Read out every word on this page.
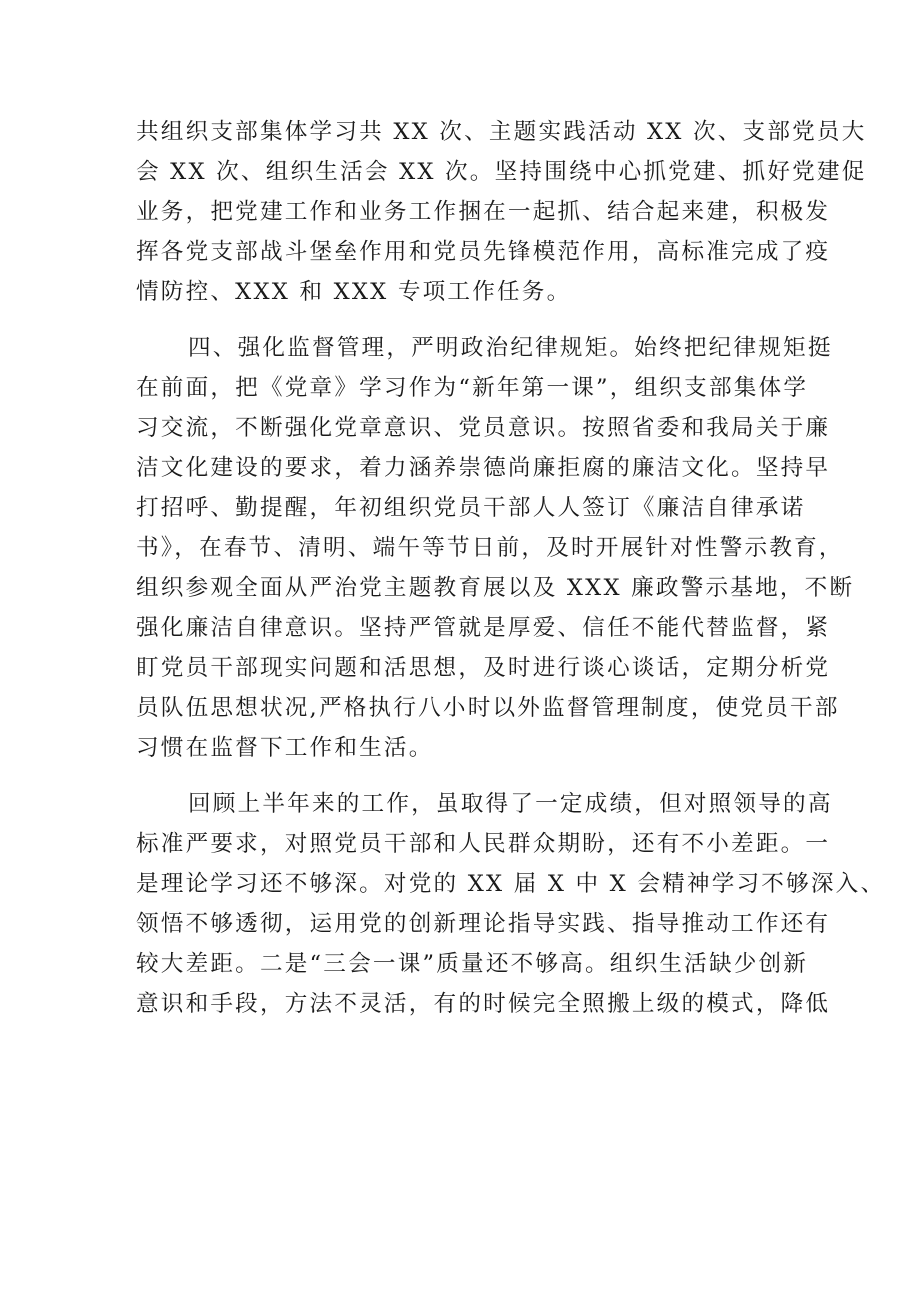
共组织支部集体学习共 XX 次、主题实践活动 XX 次、支部党员大
会 XX 次、组织生活会 XX 次。坚持围绕中心抓党建、抓好党建促
业务，把党建工作和业务工作捆在一起抓、结合起来建，积极发
挥各党支部战斗堡垒作用和党员先锋模范作用，高标准完成了疫
情防控、XXX 和 XXX 专项工作任务。
四、强化监督管理，严明政治纪律规矩。始终把纪律规矩挺
在前面，把《党章》学习作为“新年第一课”，组织支部集体学
习交流，不断强化党章意识、党员意识。按照省委和我局关于廉
洁文化建设的要求，着力涵养崇德尚廉拒腐的廉洁文化。坚持早
打招呼、勤提醒，年初组织党员干部人人签订《廉洁自律承诺
书》，在春节、清明、端午等节日前，及时开展针对性警示教育，
组织参观全面从严治党主题教育展以及 XXX 廉政警示基地，不断
强化廉洁自律意识。坚持严管就是厚爱、信任不能代替监督，紧
盯党员干部现实问题和活思想，及时进行谈心谈话，定期分析党
员队伍思想状况,严格执行八小时以外监督管理制度，使党员干部
习惯在监督下工作和生活。
回顾上半年来的工作，虽取得了一定成绩，但对照领导的高
标准严要求，对照党员干部和人民群众期盼，还有不小差距。一
是理论学习还不够深。对党的 XX 届 X 中 X 会精神学习不够深入、
领悟不够透彻，运用党的创新理论指导实践、指导推动工作还有
较大差距。二是“三会一课”质量还不够高。组织生活缺少创新
意识和手段，方法不灵活，有的时候完全照搬上级的模式，降低
